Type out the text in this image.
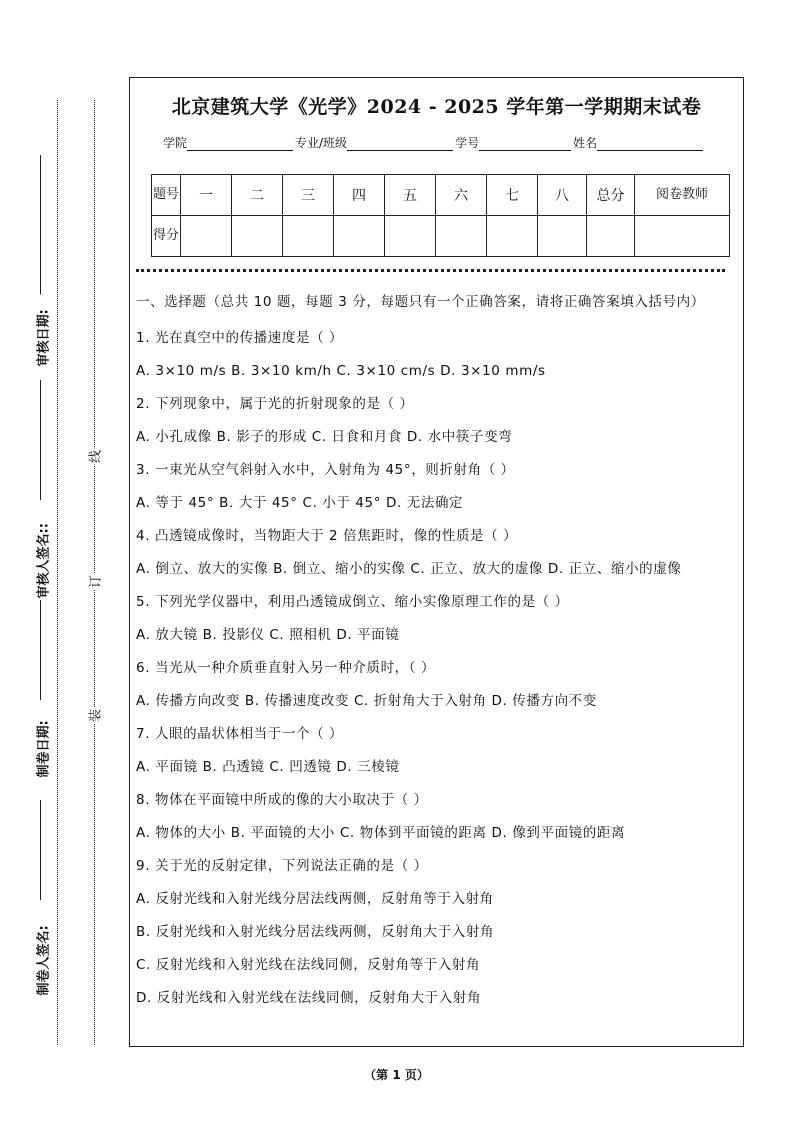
审核日期:
审核人签名::
制卷日期:
制卷人签名:
线
订
装
北京建筑大学《光学》2024 - 2025 学年第一学期期末试卷
学院	专业/班级	学号	姓名
题号	一	二	三	四	五	六	七	八	总分	阅卷教师
得分										
一、选择题（总共 10 题，每题 3 分，每题只有一个正确答案，请将正确答案填入括号内）
1. 光在真空中的传播速度是（ ）
A. 3×10 m/s B. 3×10 km/h C. 3×10 cm/s D. 3×10 mm/s
2. 下列现象中，属于光的折射现象的是（ ）
A. 小孔成像 B. 影子的形成 C. 日食和月食 D. 水中筷子变弯
3. 一束光从空气斜射入水中，入射角为 45°，则折射角（ ）
A. 等于 45° B. 大于 45° C. 小于 45° D. 无法确定
4. 凸透镜成像时，当物距大于 2 倍焦距时，像的性质是（ ）
A. 倒立、放大的实像 B. 倒立、缩小的实像 C. 正立、放大的虚像 D. 正立、缩小的虚像
5. 下列光学仪器中，利用凸透镜成倒立、缩小实像原理工作的是（ ）
A. 放大镜 B. 投影仪 C. 照相机 D. 平面镜
6. 当光从一种介质垂直射入另一种介质时，（ ）
A. 传播方向改变 B. 传播速度改变 C. 折射角大于入射角 D. 传播方向不变
7. 人眼的晶状体相当于一个（ ）
A. 平面镜 B. 凸透镜 C. 凹透镜 D. 三棱镜
8. 物体在平面镜中所成的像的大小取决于（ ）
A. 物体的大小 B. 平面镜的大小 C. 物体到平面镜的距离 D. 像到平面镜的距离
9. 关于光的反射定律，下列说法正确的是（ ）
A. 反射光线和入射光线分居法线两侧，反射角等于入射角
B. 反射光线和入射光线分居法线两侧，反射角大于入射角
C. 反射光线和入射光线在法线同侧，反射角等于入射角
D. 反射光线和入射光线在法线同侧，反射角大于入射角
（第 1 页）
